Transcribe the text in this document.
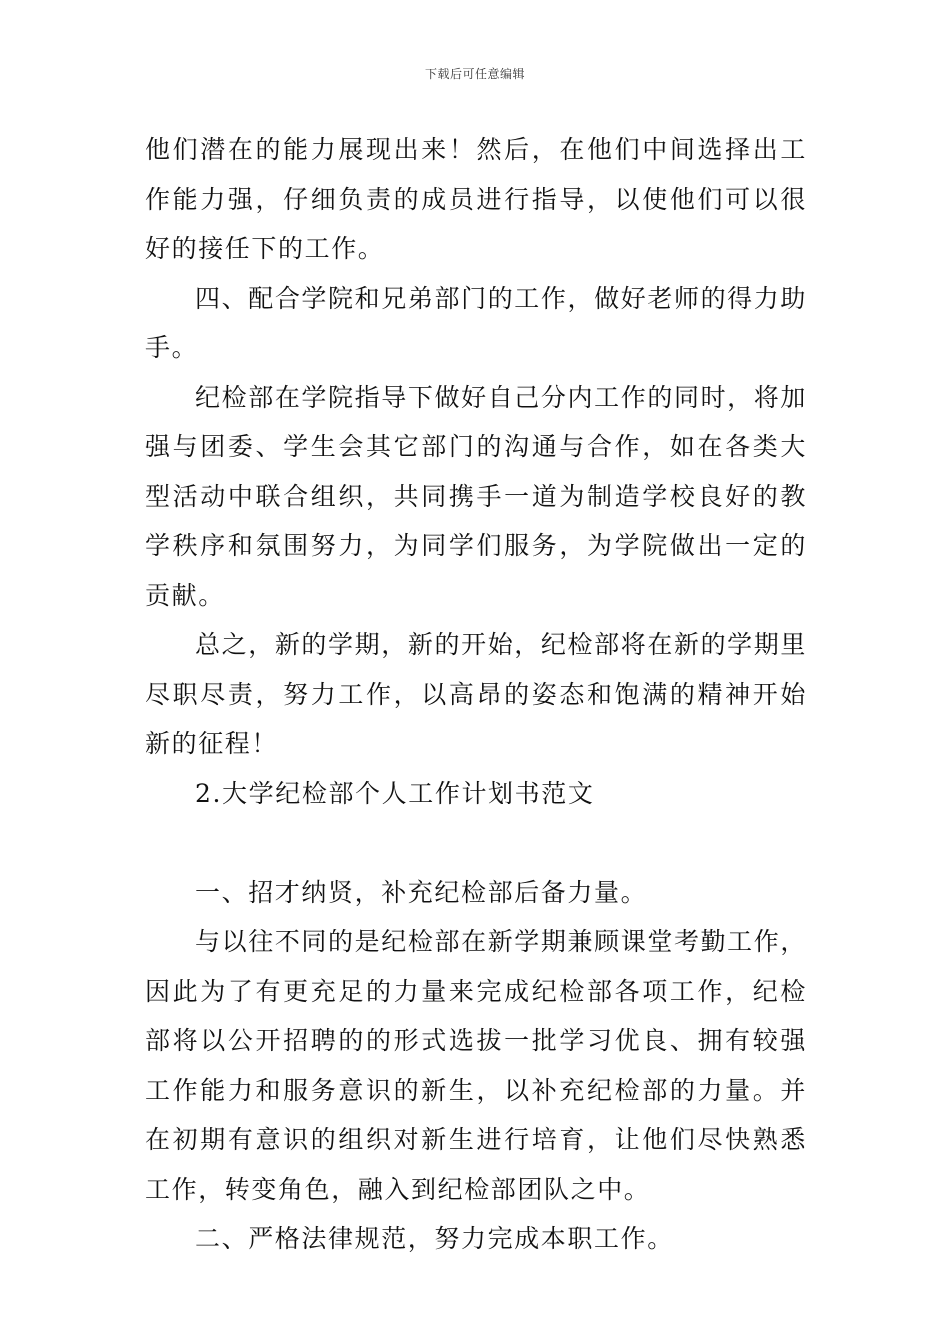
下载后可任意编辑

他们潜在的能力展现出来！然后，在他们中间选择出工作能力强，仔细负责的成员进行指导，以使他们可以很好的接任下的工作。

四、配合学院和兄弟部门的工作，做好老师的得力助手。

纪检部在学院指导下做好自己分内工作的同时，将加强与团委、学生会其它部门的沟通与合作，如在各类大型活动中联合组织，共同携手一道为制造学校良好的教学秩序和氛围努力，为同学们服务，为学院做出一定的贡献。

总之，新的学期，新的开始，纪检部将在新的学期里尽职尽责，努力工作，以高昂的姿态和饱满的精神开始新的征程！

2.大学纪检部个人工作计划书范文

一、招才纳贤，补充纪检部后备力量。

与以往不同的是纪检部在新学期兼顾课堂考勤工作，因此为了有更充足的力量来完成纪检部各项工作，纪检部将以公开招聘的的形式选拔一批学习优良、拥有较强工作能力和服务意识的新生，以补充纪检部的力量。并在初期有意识的组织对新生进行培育，让他们尽快熟悉工作，转变角色，融入到纪检部团队之中。

二、严格法律规范，努力完成本职工作。
